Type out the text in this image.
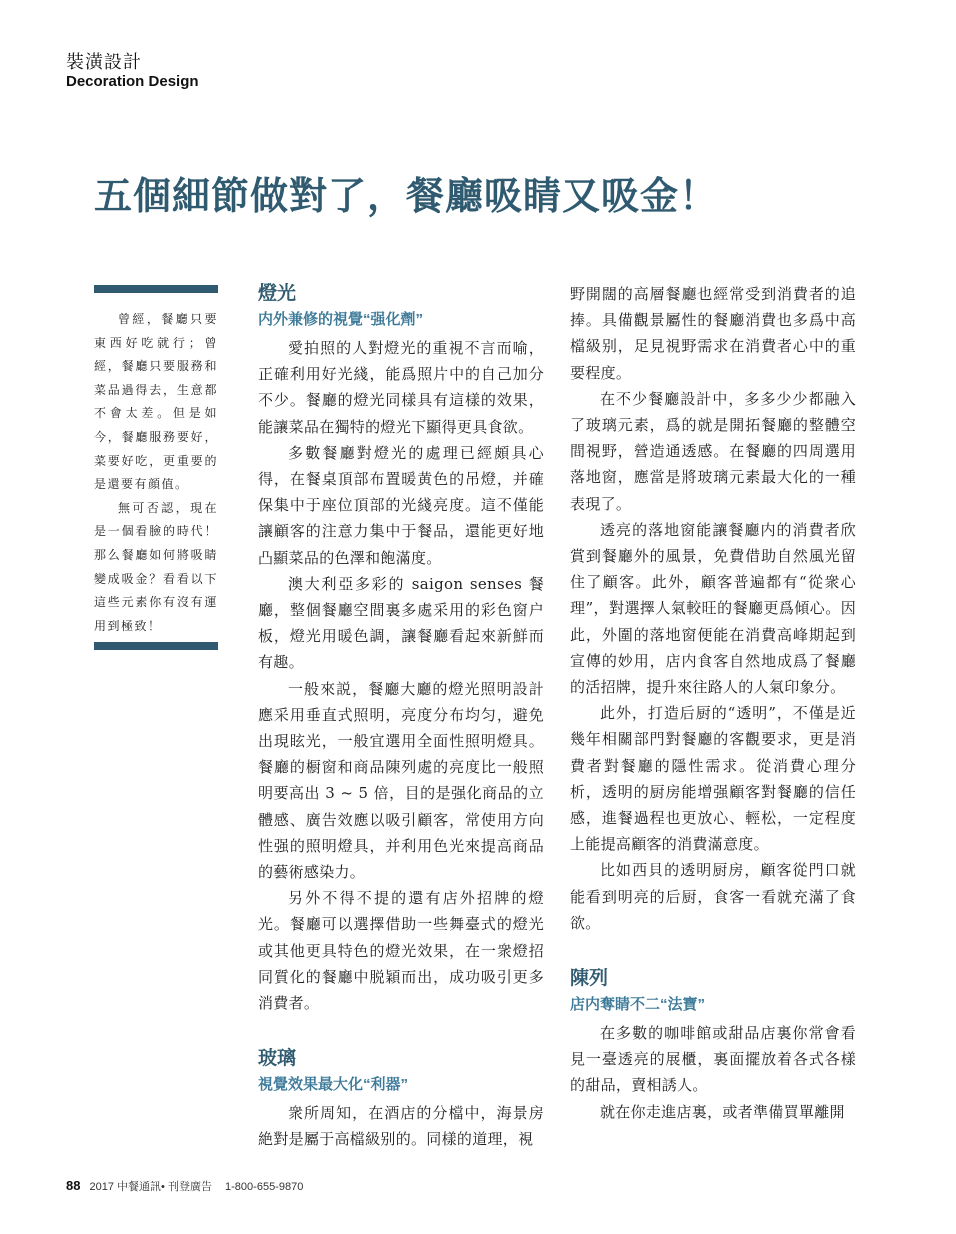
裝潢設計
Decoration Design
五個細節做對了，餐廳吸睛又吸金！

曾經，餐廳只要東西好吃就行；曾經，餐廳只要服務和菜品過得去，生意都不會太差。但是如今，餐廳服務要好，菜要好吃，更重要的是還要有顔值。

無可否認，現在是一個看臉的時代！那么餐廳如何將吸睛變成吸金？看看以下這些元素你有沒有運用到極致！

燈光
内外兼修的視覺“强化劑”

愛拍照的人對燈光的重視不言而喻，正確利用好光綫，能爲照片中的自己加分不少。餐廳的燈光同樣具有這樣的效果，能讓菜品在獨特的燈光下顯得更具食欲。

多數餐廳對燈光的處理已經頗具心得，在餐桌頂部布置暖黄色的吊燈，并確保集中于座位頂部的光綫亮度。這不僅能讓顧客的注意力集中于餐品，還能更好地凸顯菜品的色澤和飽滿度。

澳大利亞多彩的 saigon senses 餐廳，整個餐廳空間裏多處采用的彩色窗户板，燈光用暖色調，讓餐廳看起來新鮮而有趣。

一般來説，餐廳大廳的燈光照明設計應采用垂直式照明，亮度分布均匀，避免出現眩光，一般宜選用全面性照明燈具。餐廳的橱窗和商品陳列處的亮度比一般照明要高出 3 ~ 5 倍，目的是强化商品的立體感、廣告效應以吸引顧客，常使用方向性强的照明燈具，并利用色光來提高商品的藝術感染力。

另外不得不提的還有店外招牌的燈光。餐廳可以選擇借助一些舞臺式的燈光或其他更具特色的燈光效果，在一衆燈招同質化的餐廳中脱穎而出，成功吸引更多消費者。

玻璃
視覺效果最大化“利器”

衆所周知，在酒店的分檔中，海景房絶對是屬于高檔級别的。同樣的道理，視

野開闊的高層餐廳也經常受到消費者的追捧。具備觀景屬性的餐廳消費也多爲中高檔級别，足見視野需求在消費者心中的重要程度。

在不少餐廳設計中，多多少少都融入了玻璃元素，爲的就是開拓餐廳的整體空間視野，營造通透感。在餐廳的四周選用落地窗，應當是將玻璃元素最大化的一種表現了。

透亮的落地窗能讓餐廳内的消費者欣賞到餐廳外的風景，免費借助自然風光留住了顧客。此外，顧客普遍都有“從衆心理”，對選擇人氣較旺的餐廳更爲傾心。因此，外圍的落地窗便能在消費高峰期起到宣傳的妙用，店内食客自然地成爲了餐廳的活招牌，提升來往路人的人氣印象分。

此外，打造后厨的“透明”，不僅是近幾年相關部門對餐廳的客觀要求，更是消費者對餐廳的隱性需求。從消費心理分析，透明的厨房能增强顧客對餐廳的信任感，進餐過程也更放心、輕松，一定程度上能提高顧客的消費滿意度。

比如西貝的透明厨房，顧客從門口就能看到明亮的后厨，食客一看就充滿了食欲。

陳列
店内奪睛不二“法寶”

在多數的咖啡館或甜品店裏你常會看見一臺透亮的展櫃，裏面擺放着各式各樣的甜品，賣相誘人。

就在你走進店裏，或者準備買單離開

88 2017 中餐通訊• 刊登廣告 1-800-655-9870
